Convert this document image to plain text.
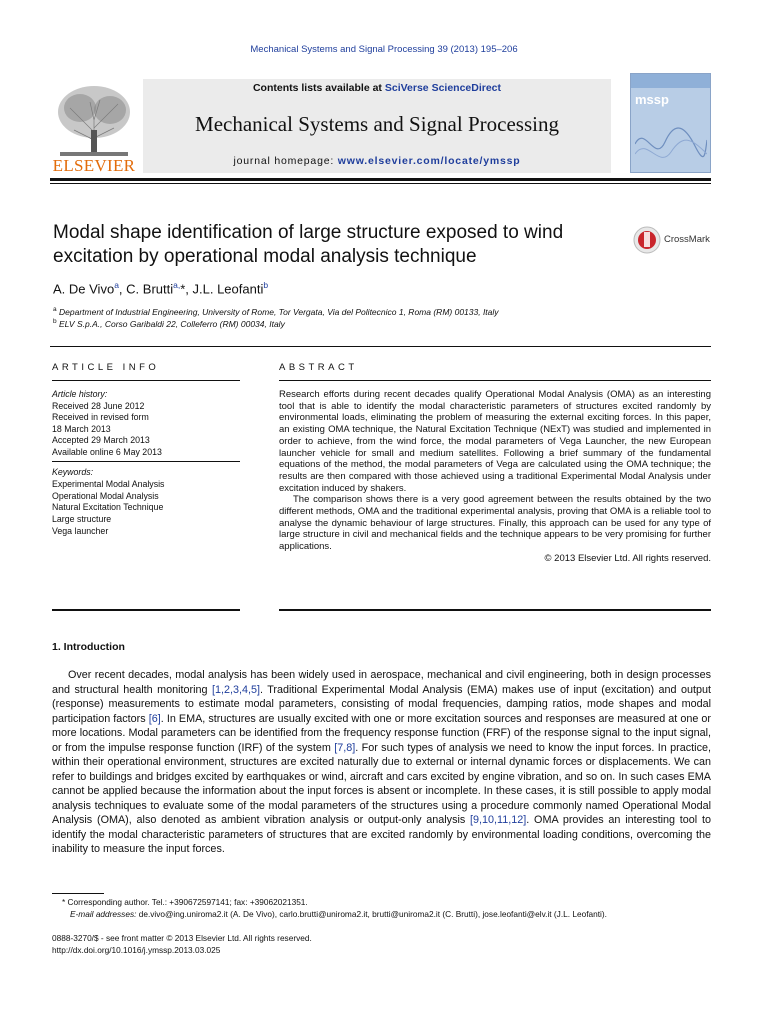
Mechanical Systems and Signal Processing 39 (2013) 195–206
ELSEVIER
Contents lists available at SciVerse ScienceDirect
Mechanical Systems and Signal Processing
journal homepage: www.elsevier.com/locate/ymssp
mssp
Modal shape identification of large structure exposed to wind excitation by operational modal analysis technique
CrossMark
A. De Vivo$^a$, C. Brutti$^{a,}$*, J.L. Leofanti$^b$
$^a$ Department of Industrial Engineering, University of Rome, Tor Vergata, Via del Politecnico 1, Roma (RM) 00133, Italy
$^b$ ELV S.p.A., Corso Garibaldi 22, Colleferro (RM) 00034, Italy
ARTICLE INFO	ABSTRACT
Article history:
Received 28 June 2012
Received in revised form
18 March 2013
Accepted 29 March 2013
Available online 6 May 2013
Keywords:
Experimental Modal Analysis
Operational Modal Analysis
Natural Excitation Technique
Large structure
Vega launcher

Research efforts during recent decades qualify Operational Modal Analysis (OMA) as an interesting tool that is able to identify the modal characteristic parameters of structures excited randomly by environmental loads, eliminating the problem of measuring the external exciting forces. In this paper, an existing OMA technique, the Natural Excitation Technique (NExT) was studied and implemented in order to achieve, from the wind force, the modal parameters of Vega Launcher, the new European launcher vehicle for small and medium satellites. Following a brief summary of the fundamental equations of the method, the modal parameters of Vega are calculated using the OMA technique; the results are then compared with those achieved using a traditional Experimental Modal Analysis under excitation induced by shakers.

The comparison shows there is a very good agreement between the results obtained by the two different methods, OMA and the traditional experimental analysis, proving that OMA is a reliable tool to analyse the dynamic behaviour of large structures. Finally, this approach can be used for any type of large structure in civil and mechanical fields and the technique appears to be very promising for further applications.

© 2013 Elsevier Ltd. All rights reserved.

1. Introduction
Over recent decades, modal analysis has been widely used in aerospace, mechanical and civil engineering, both in design processes and structural health monitoring [1,2,3,4,5]. Traditional Experimental Modal Analysis (EMA) makes use of input (excitation) and output (response) measurements to estimate modal parameters, consisting of modal frequencies, damping ratios, mode shapes and modal participation factors [6]. In EMA, structures are usually excited with one or more excitation sources and responses are measured at one or more locations. Modal parameters can be identified from the frequency response function (FRF) of the response signal to the input signal, or from the impulse response function (IRF) of the system [7,8]. For such types of analysis we need to know the input forces. In practice, within their operational environment, structures are excited naturally due to external or internal dynamic forces or displacements. We can refer to buildings and bridges excited by earthquakes or wind, aircraft and cars excited by engine vibration, and so on. In such cases EMA cannot be applied because the information about the input forces is absent or incomplete. In these cases, it is still possible to apply modal analysis techniques to evaluate some of the modal parameters of the structures using a procedure commonly named Operational Modal Analysis (OMA), also denoted as ambient vibration analysis or output-only analysis [9,10,11,12]. OMA provides an interesting tool to identify the modal characteristic parameters of structures that are excited randomly by environmental loading conditions, overcoming the inability to measure the input forces.
* Corresponding author. Tel.: +390672597141; fax: +39062021351.
E-mail addresses: de.vivo@ing.uniroma2.it (A. De Vivo), carlo.brutti@uniroma2.it, brutti@uniroma2.it (C. Brutti), jose.leofanti@elv.it (J.L. Leofanti).
0888-3270/$ - see front matter © 2013 Elsevier Ltd. All rights reserved.
http://dx.doi.org/10.1016/j.ymssp.2013.03.025
